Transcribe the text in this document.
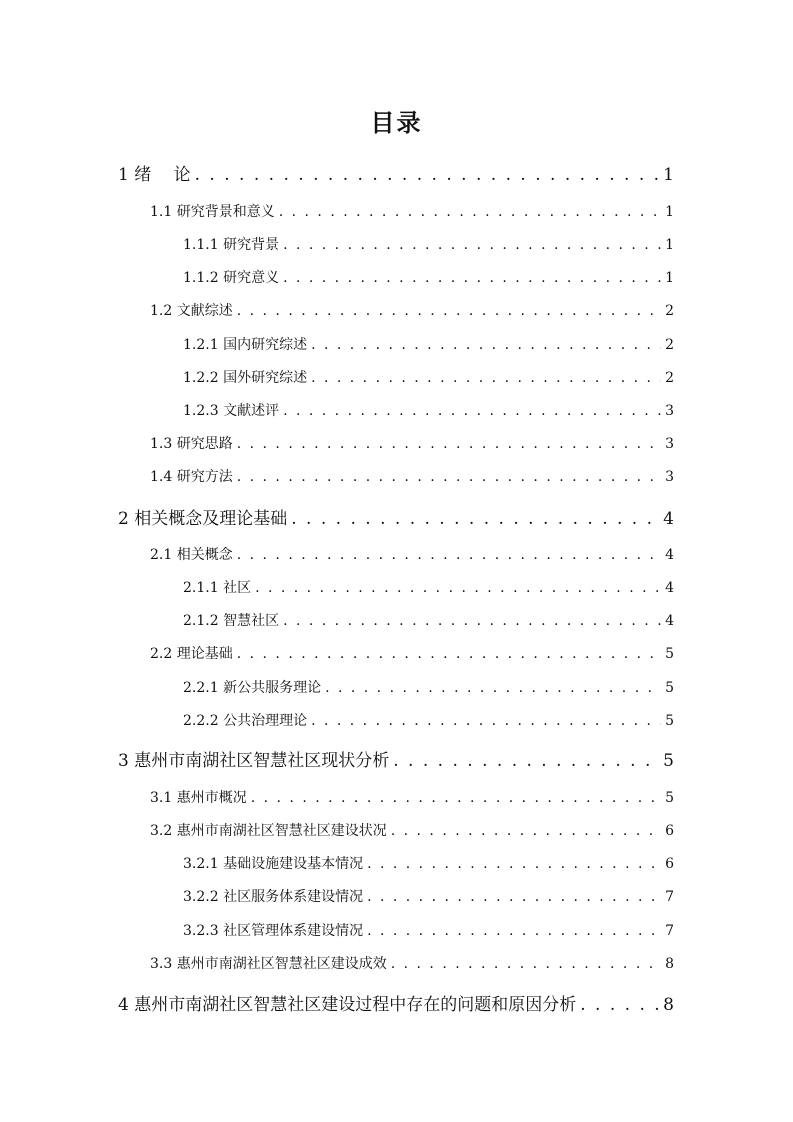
目录
1 绪　 论 . . .	1
1.1 研究背景和意义 . . .	1
1.1.1 研究背景 . . .	1
1.1.2 研究意义 . . .	1
1.2 文献综述 . . .	2
1.2.1 国内研究综述 . . .	2
1.2.2 国外研究综述 . . .	2
1.2.3 文献述评 . . .	3
1.3 研究思路 . . .	3
1.4 研究方法 . . .	3
2 相关概念及理论基础 . . .	4
2.1 相关概念 . . .	4
2.1.1 社区 . . .	4
2.1.2 智慧社区 . . .	4
2.2 理论基础 . . .	5
2.2.1 新公共服务理论 . . .	5
2.2.2 公共治理理论 . . .	5
3 惠州市南湖社区智慧社区现状分析 . . .	5
3.1 惠州市概况 . . .	5
3.2 惠州市南湖社区智慧社区建设状况 . . .	6
3.2.1 基础设施建设基本情况 . . .	6
3.2.2 社区服务体系建设情况 . . .	7
3.2.3 社区管理体系建设情况 . . .	7
3.3 惠州市南湖社区智慧社区建设成效 . . .	8
4 惠州市南湖社区智慧社区建设过程中存在的问题和原因分析 . . .	8
